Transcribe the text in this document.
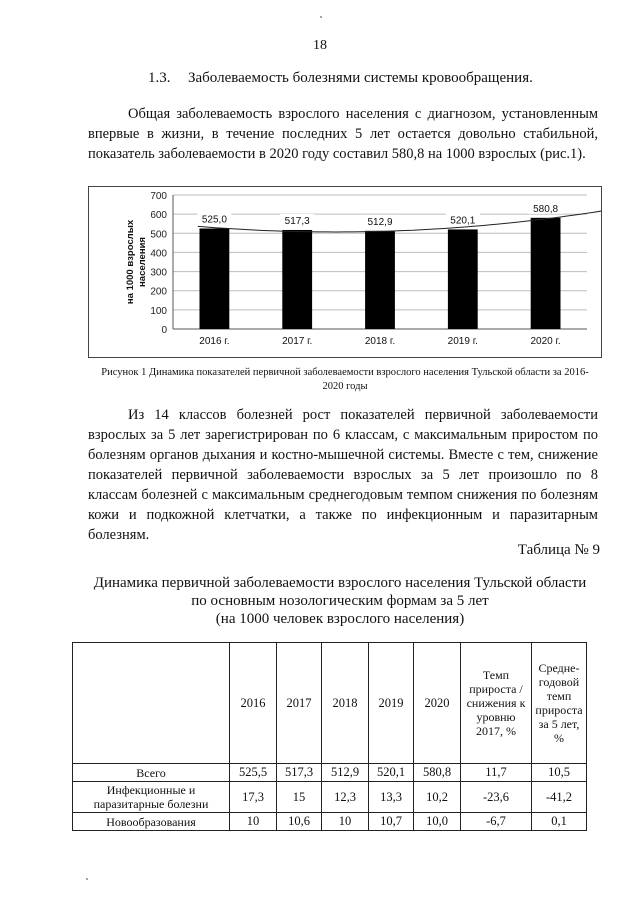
18
1.3. Заболеваемость болезнями системы кровообращения.
Общая заболеваемость взрослого населения с диагнозом, установленным впервые в жизни, в течение последних 5 лет остается довольно стабильной, показатель заболеваемости в 2020 году составил 580,8 на 1000 взрослых (рис.1).
0
100
200
300
400
500
600
700
на 1000 взрослых населения
525,0
2016 г.
517,3
2017 г.
512,9
2018 г.
520,1
2019 г.
580,8
2020 г.
Рисунок 1 Динамика показателей первичной заболеваемости взрослого населения Тульской области за 2016-2020 годы
Из 14 классов болезней рост показателей первичной заболеваемости взрослых за 5 лет зарегистрирован по 6 классам, с максимальным приростом по болезням органов дыхания и костно-мышечной системы. Вместе с тем, снижение показателей первичной заболеваемости взрослых за 5 лет произошло по 8 классам болезней с максимальным среднегодовым темпом снижения по болезням кожи и подкожной клетчатки, а также по инфекционным и паразитарным болезням.
Таблица № 9
Динамика первичной заболеваемости взрослого населения Тульской области
по основным нозологическим формам за 5 лет
(на 1000 человек взрослого населения)
	2016	2017	2018	2019	2020	Темп прироста /снижения к уровню 2017, %	Средне-годовой темп прироста за 5 лет, %
Всего	525,5	517,3	512,9	520,1	580,8	11,7	10,5
Инфекционные и паразитарные болезни	17,3	15	12,3	13,3	10,2	-23,6	-41,2
Новообразования	10	10,6	10	10,7	10,0	-6,7	0,1
